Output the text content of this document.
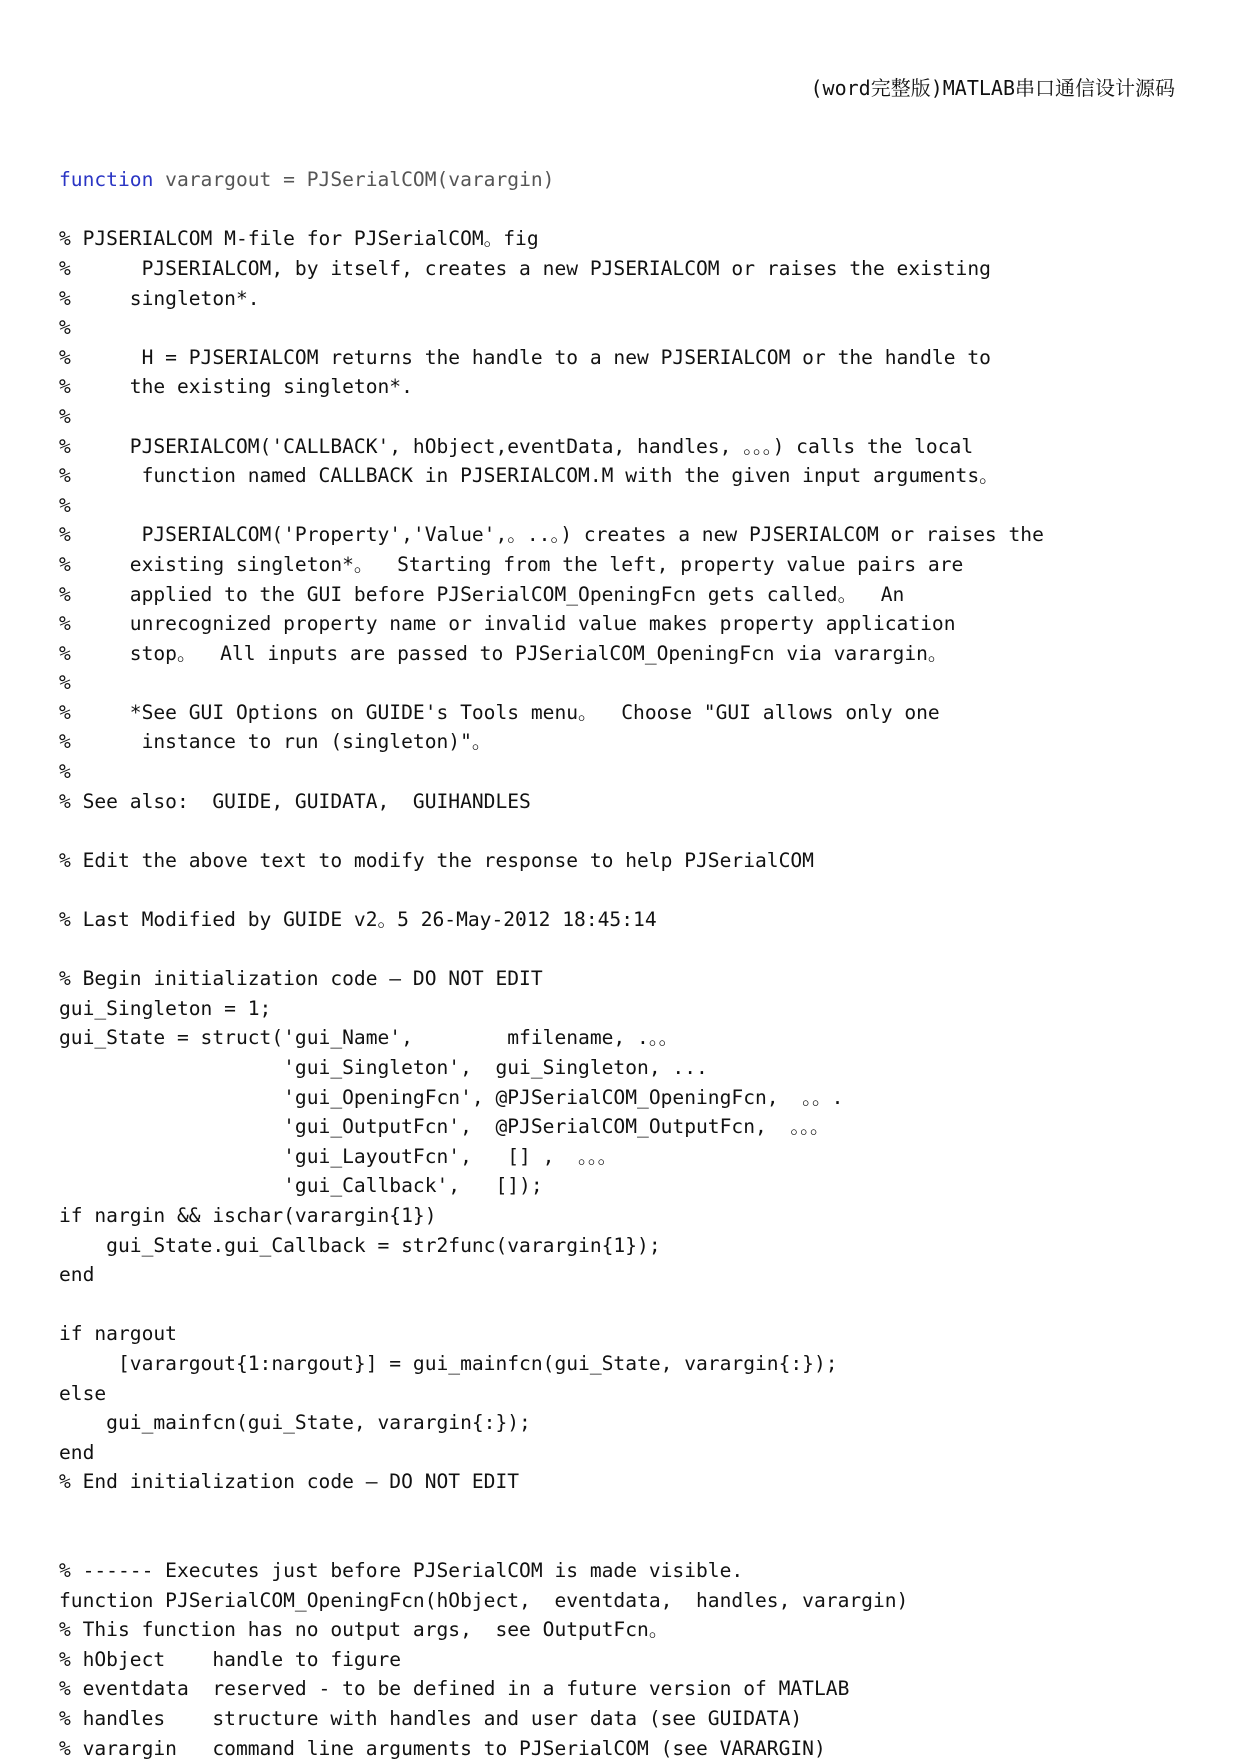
(word完整版)MATLAB串口通信设计源码

function varargout = PJSerialCOM(varargin)

% PJSERIALCOM M-file for PJSerialCOM。fig
%      PJSERIALCOM, by itself, creates a new PJSERIALCOM or raises the existing
%     singleton*.
%
%      H = PJSERIALCOM returns the handle to a new PJSERIALCOM or the handle to
%     the existing singleton*.
%
%     PJSERIALCOM('CALLBACK', hObject,eventData, handles, 。。。) calls the local
%      function named CALLBACK in PJSERIALCOM.M with the given input arguments。
%
%      PJSERIALCOM('Property','Value',。..。) creates a new PJSERIALCOM or raises the
%     existing singleton*。  Starting from the left, property value pairs are
%     applied to the GUI before PJSerialCOM_OpeningFcn gets called。  An
%     unrecognized property name or invalid value makes property application
%     stop。  All inputs are passed to PJSerialCOM_OpeningFcn via varargin。
%
%     *See GUI Options on GUIDE's Tools menu。  Choose "GUI allows only one
%      instance to run (singleton)"。
%
% See also:  GUIDE, GUIDATA,  GUIHANDLES
% Edit the above text to modify the response to help PJSerialCOM
% Last Modified by GUIDE v2。5 26-May-2012 18:45:14
% Begin initialization code — DO NOT EDIT
gui_Singleton = 1;
gui_State = struct('gui_Name',        mfilename, .。。
'gui_Singleton',  gui_Singleton, ...
'gui_OpeningFcn', @PJSerialCOM_OpeningFcn,  。。.
'gui_OutputFcn',  @PJSerialCOM_OutputFcn,  。。。
'gui_LayoutFcn',   [] ,  。。。
'gui_Callback',   []);
if nargin && ischar(varargin{1})
gui_State.gui_Callback = str2func(varargin{1});
end
if nargout
[varargout{1:nargout}] = gui_mainfcn(gui_State, varargin{:});
else
gui_mainfcn(gui_State, varargin{:});
end
% End initialization code — DO NOT EDIT
% ------ Executes just before PJSerialCOM is made visible.
function PJSerialCOM_OpeningFcn(hObject,  eventdata,  handles, varargin)
% This function has no output args,  see OutputFcn。
% hObject    handle to figure
% eventdata  reserved - to be defined in a future version of MATLAB
% handles    structure with handles and user data (see GUIDATA)
% varargin   command line arguments to PJSerialCOM (see VARARGIN)
